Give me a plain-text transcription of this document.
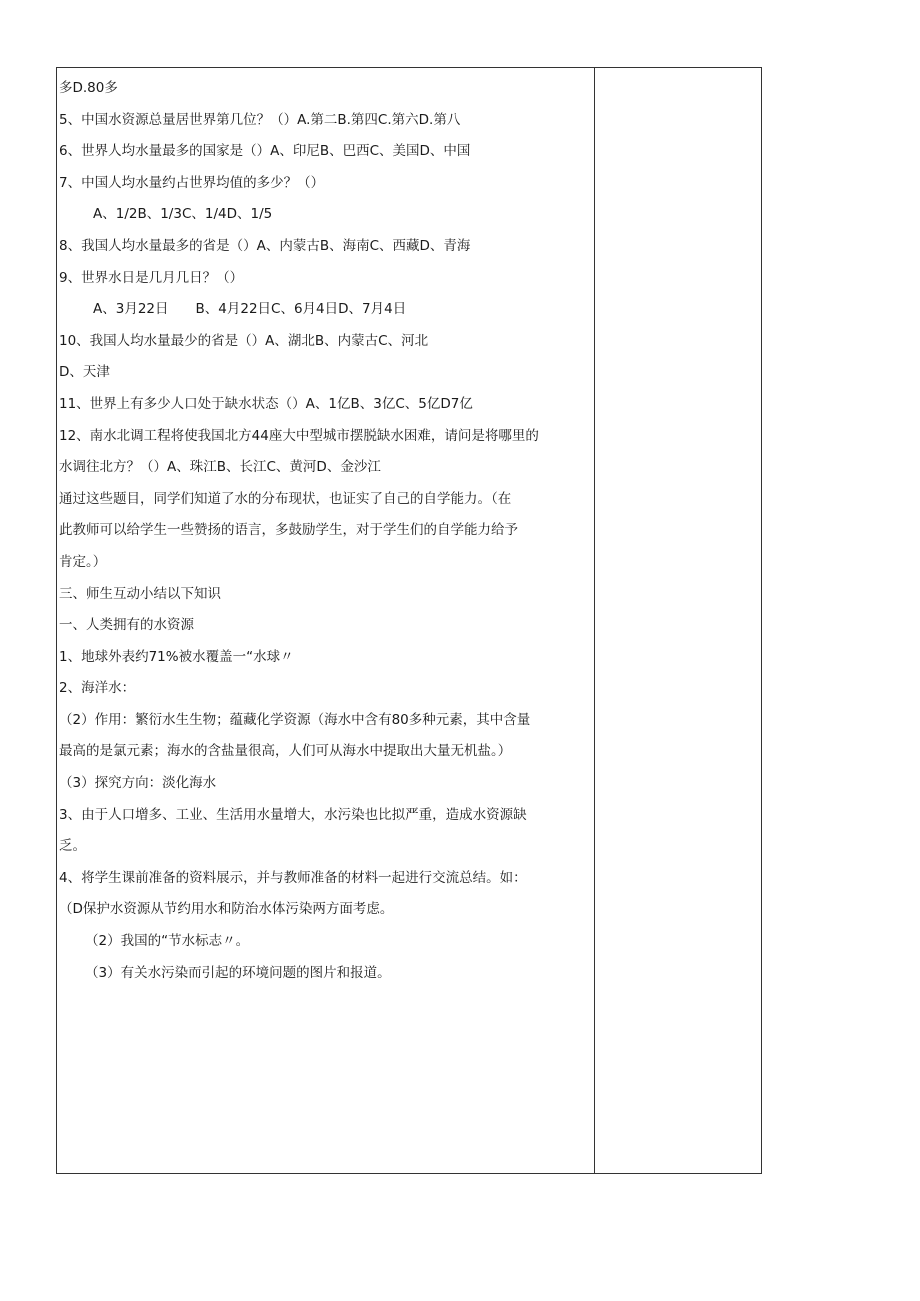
多D.80多
5、中国水资源总量居世界第几位？（）A.第二B.第四C.第六D.第八
6、世界人均水量最多的国家是（）A、印尼B、巴西C、美国D、中国
7、中国人均水量约占世界均值的多少？（）
A、1/2B、1/3C、1/4D、1/5
8、我国人均水量最多的省是（）A、内蒙古B、海南C、西藏D、青海
9、世界水日是几月几日？（）
A、3月22日　　B、4月22日C、6月4日D、7月4日
10、我国人均水量最少的省是（）A、湖北B、内蒙古C、河北
D、天津
11、世界上有多少人口处于缺水状态（）A、1亿B、3亿C、5亿D7亿
12、南水北调工程将使我国北方44座大中型城市摆脱缺水困难，请问是将哪里的
水调往北方？（）A、珠江B、长江C、黄河D、金沙江
通过这些题目，同学们知道了水的分布现状，也证实了自己的自学能力。（在
此教师可以给学生一些赞扬的语言，多鼓励学生，对于学生们的自学能力给予
肯定。）
三、师生互动小结以下知识
一、人类拥有的水资源
1、地球外表约71%被水覆盖一“水球〃
2、海洋水：
（2）作用：繁衍水生生物；蕴藏化学资源（海水中含有80多种元素，其中含量
最高的是氯元素；海水的含盐量很高，人们可从海水中提取出大量无机盐。）
（3）探究方向：淡化海水
3、由于人口增多、工业、生活用水量增大，水污染也比拟严重，造成水资源缺
乏。
4、将学生课前准备的资料展示，并与教师准备的材料一起进行交流总结。如：
（D保护水资源从节约用水和防治水体污染两方面考虑。
（2）我国的“节水标志〃。
（3）有关水污染而引起的环境问题的图片和报道。
